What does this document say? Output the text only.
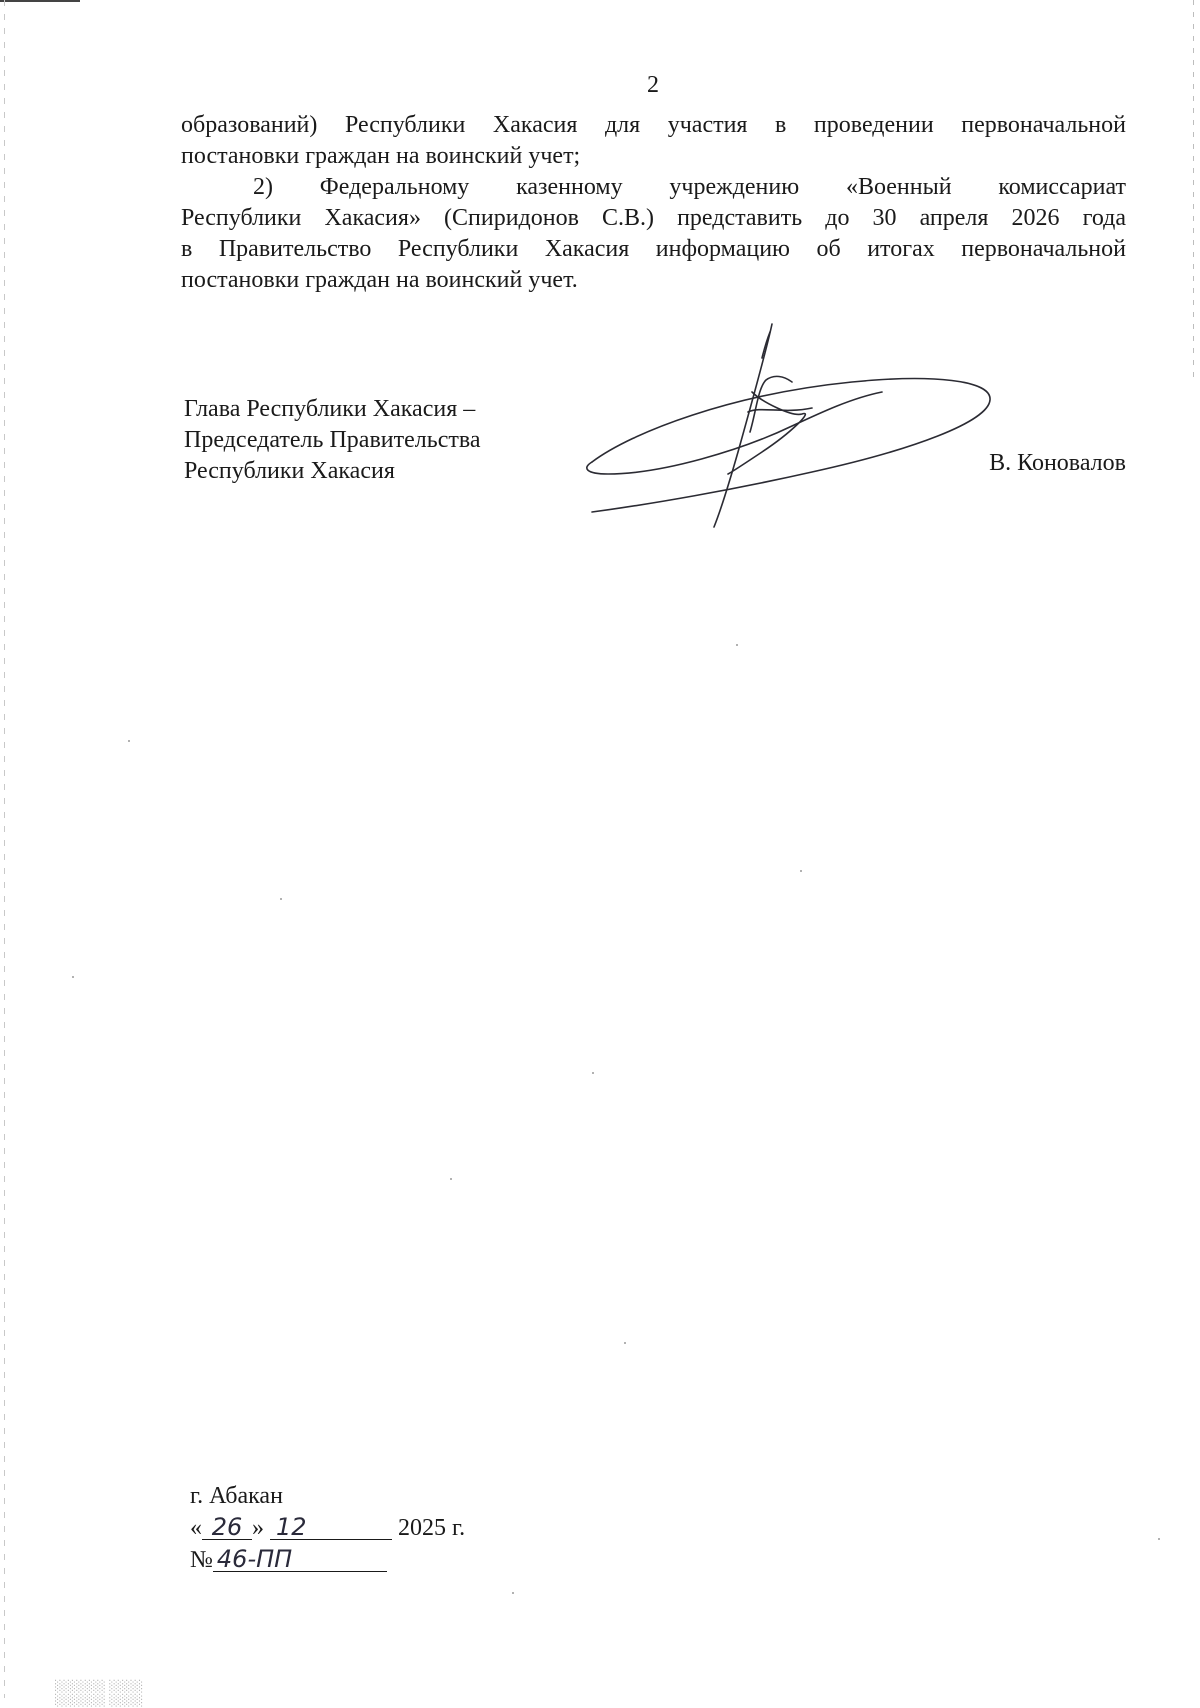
2
образований) Республики Хакасия для участия в проведении первоначальной
постановки граждан на воинский учет;
2) Федеральному казенному учреждению «Военный комиссариат
Республики Хакасия» (Спиридонов С.В.) представить до 30 апреля 2026 года
в Правительство Республики Хакасия информацию об итогах первоначальной
постановки граждан на воинский учет.
Глава Республики Хакасия –
Председатель Правительства
Республики Хакасия	В. Коновалов
г. Абакан
« 26 » 12	2025 г.
№ 46-ПП
░░░░░░ ░░░░
░░░░░░ ░░░░
